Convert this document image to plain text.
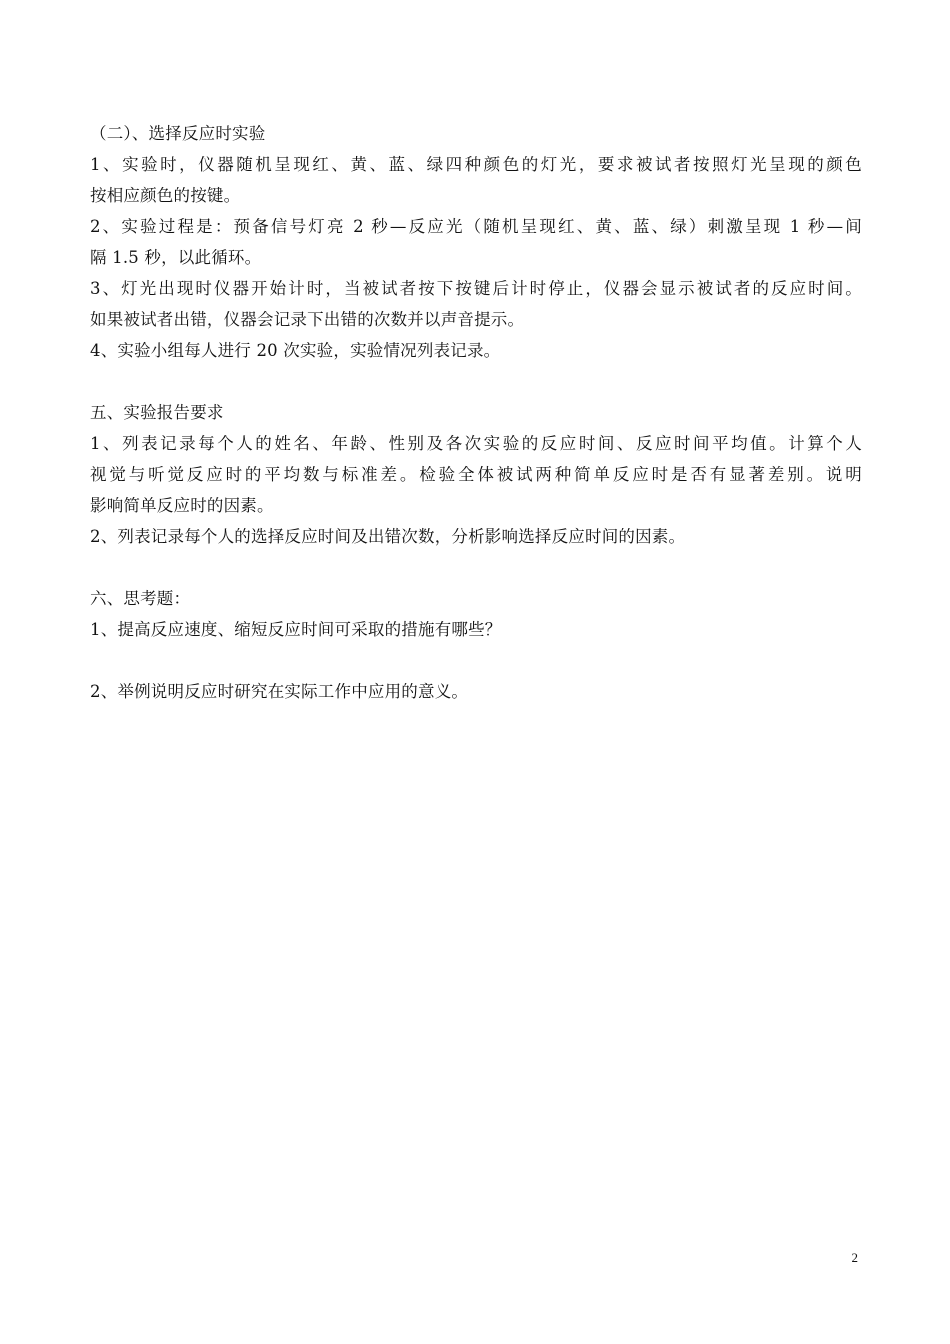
（二）、选择反应时实验

1、实验时，仪器随机呈现红、黄、蓝、绿四种颜色的灯光，要求被试者按照灯光呈现的颜色

按相应颜色的按键。

2、实验过程是：预备信号灯亮 2 秒—反应光（随机呈现红、黄、蓝、绿）刺激呈现 1 秒—间

隔 1.5 秒，以此循环。

3、灯光出现时仪器开始计时，当被试者按下按键后计时停止，仪器会显示被试者的反应时间。

如果被试者出错，仪器会记录下出错的次数并以声音提示。

4、实验小组每人进行 20 次实验，实验情况列表记录。

五、实验报告要求

1、列表记录每个人的姓名、年龄、性别及各次实验的反应时间、反应时间平均值。计算个人

视觉与听觉反应时的平均数与标准差。检验全体被试两种简单反应时是否有显著差别。说明

影响简单反应时的因素。

2、列表记录每个人的选择反应时间及出错次数，分析影响选择反应时间的因素。

六、思考题：

1、提高反应速度、缩短反应时间可采取的措施有哪些？

2、举例说明反应时研究在实际工作中应用的意义。

2
